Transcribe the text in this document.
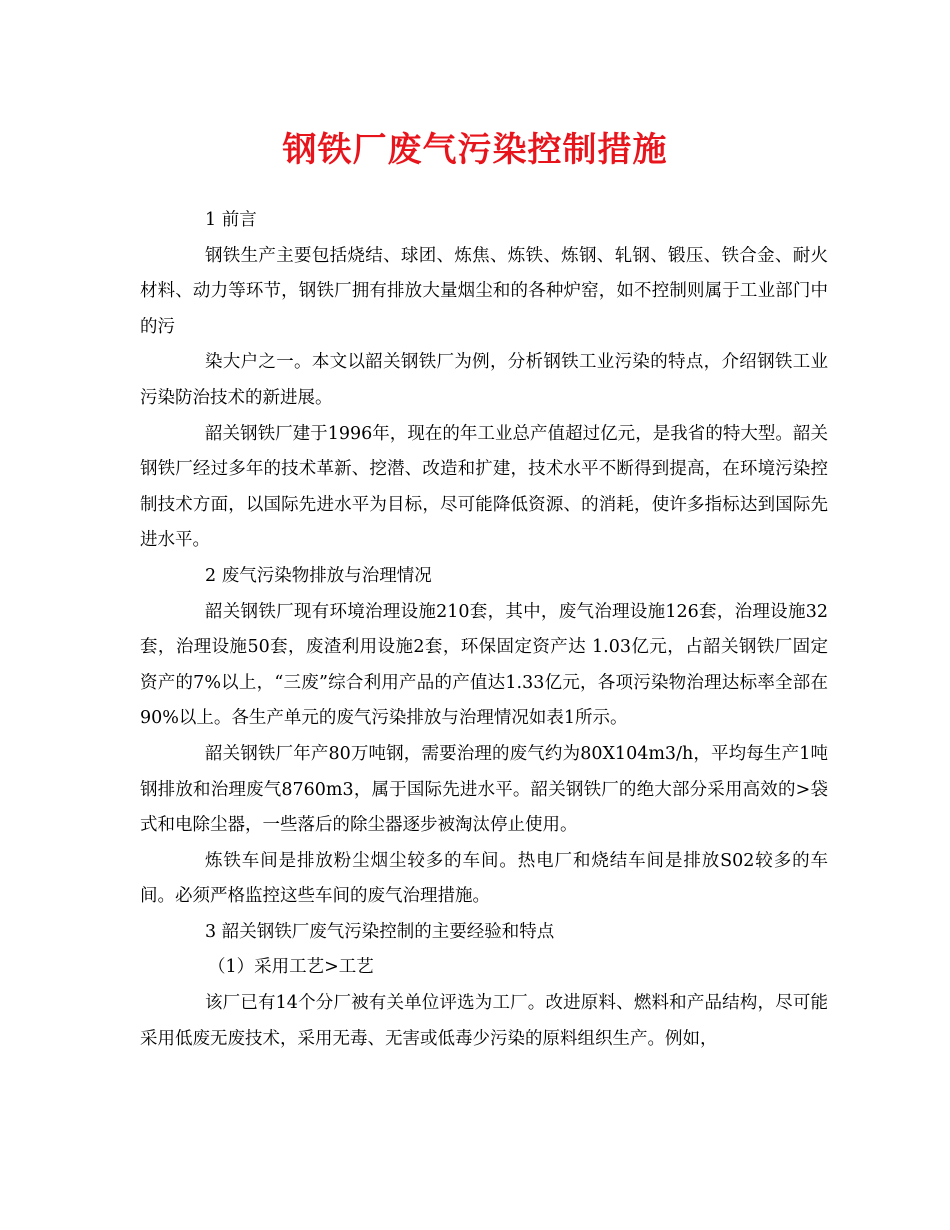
钢铁厂废气污染控制措施

1 前言

钢铁生产主要包括烧结、球团、炼焦、炼铁、炼钢、轧钢、锻压、铁合金、耐火材料、动力等环节，钢铁厂拥有排放大量烟尘和的各种炉窑，如不控制则属于工业部门中的污

染大户之一。本文以韶关钢铁厂为例，分析钢铁工业污染的特点，介绍钢铁工业污染防治技术的新进展。

韶关钢铁厂建于1996年，现在的年工业总产值超过亿元，是我省的特大型。韶关钢铁厂经过多年的技术革新、挖潜、改造和扩建，技术水平不断得到提高，在环境污染控制技术方面，以国际先进水平为目标，尽可能降低资源、的消耗，使许多指标达到国际先进水平。

2 废气污染物排放与治理情况

韶关钢铁厂现有环境治理设施210套，其中，废气治理设施126套，治理设施32套，治理设施50套，废渣利用设施2套，环保固定资产达 1.03亿元，占韶关钢铁厂固定资产的7%以上，“三废”综合利用产品的产值达1.33亿元，各项污染物治理达标率全部在90%以上。各生产单元的废气污染排放与治理情况如表1所示。

韶关钢铁厂年产80万吨钢，需要治理的废气约为80X104m3/h，平均每生产1吨钢排放和治理废气8760m3，属于国际先进水平。韶关钢铁厂的绝大部分采用高效的>袋式和电除尘器，一些落后的除尘器逐步被淘汰停止使用。

炼铁车间是排放粉尘烟尘较多的车间。热电厂和烧结车间是排放S02较多的车间。必须严格监控这些车间的废气治理措施。

3 韶关钢铁厂废气污染控制的主要经验和特点

（1）采用工艺>工艺

该厂已有14个分厂被有关单位评选为工厂。改进原料、燃料和产品结构，尽可能采用低废无废技术，采用无毒、无害或低毒少污染的原料组织生产。例如，
